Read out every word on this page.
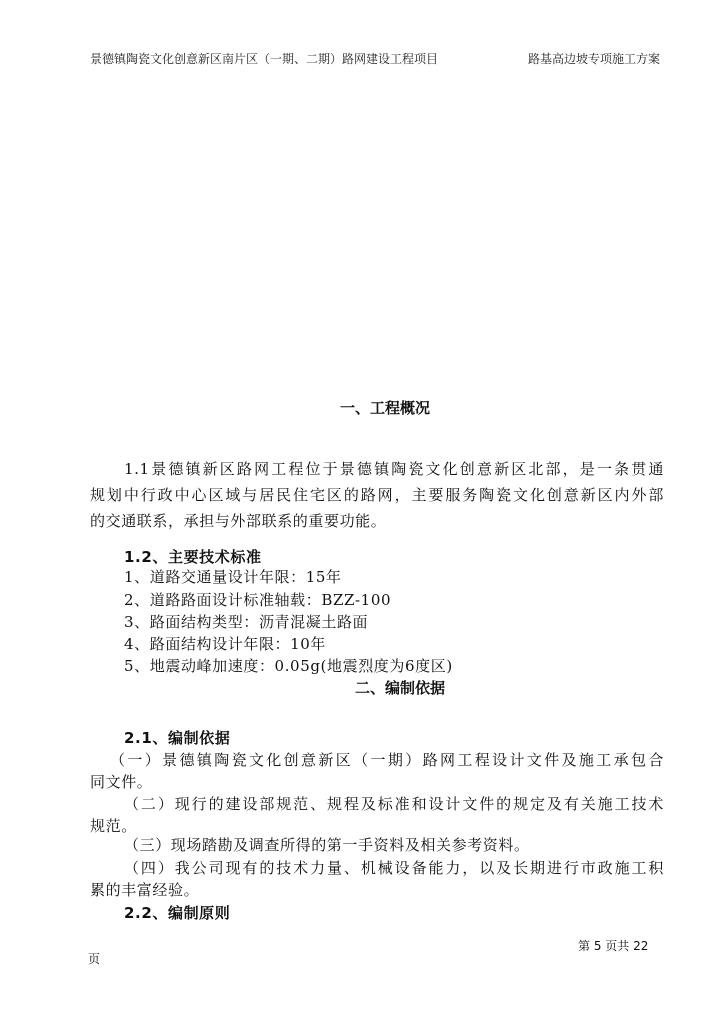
景德镇陶瓷文化创意新区南片区（一期、二期）路网建设工程项目	路基高边坡专项施工方案
一、工程概况
1.1景德镇新区路网工程位于景德镇陶瓷文化创意新区北部，是一条贯通
规划中行政中心区域与居民住宅区的路网，主要服务陶瓷文化创意新区内外部
的交通联系，承担与外部联系的重要功能。
1.2、主要技术标准
1、道路交通量设计年限：15年
2、道路路面设计标准轴载：BZZ-100
3、路面结构类型：沥青混凝土路面
4、路面结构设计年限：10年
5、地震动峰加速度：0.05g(地震烈度为6度区)
二、编制依据
2.1、编制依据
（一）景德镇陶瓷文化创意新区（一期）路网工程设计文件及施工承包合
同文件。
（二）现行的建设部规范、规程及标准和设计文件的规定及有关施工技术
规范。
（三）现场踏勘及调查所得的第一手资料及相关参考资料。
（四）我公司现有的技术力量、机械设备能力，以及长期进行市政施工积
累的丰富经验。
2.2、编制原则
第 5 页共 22
页
